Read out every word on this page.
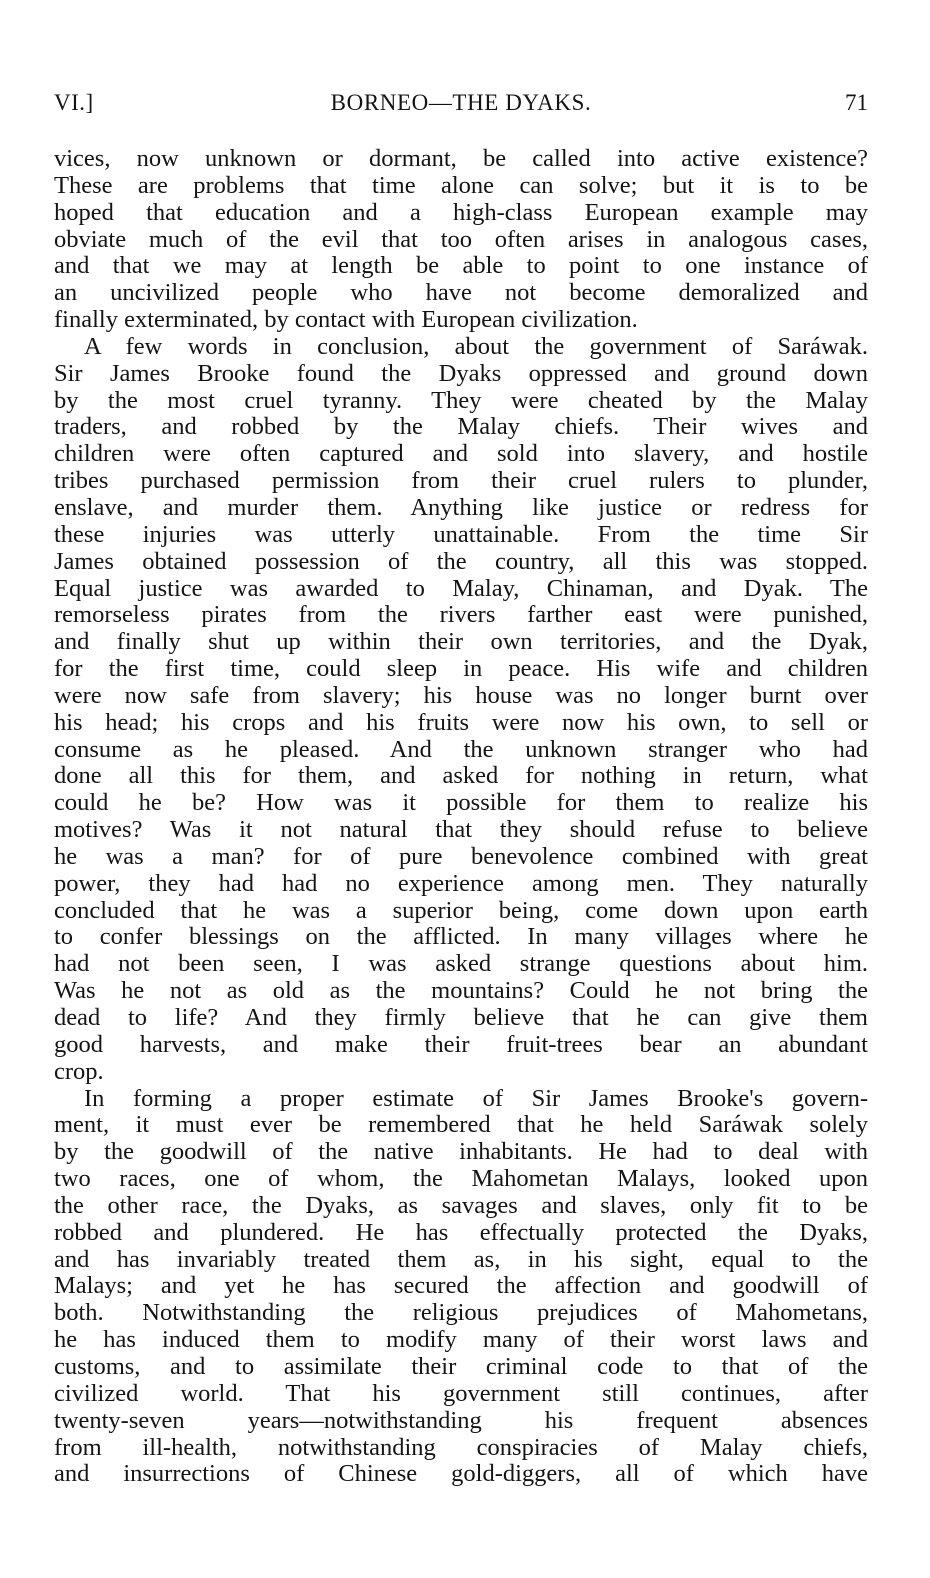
VI.]	BORNEO—THE DYAKS.	71
vices, now unknown or dormant, be called into active existence?
These are problems that time alone can solve; but it is to be
hoped that education and a high-class European example may
obviate much of the evil that too often arises in analogous cases,
and that we may at length be able to point to one instance of
an uncivilized people who have not become demoralized and
finally exterminated, by contact with European civilization.
A few words in conclusion, about the government of Saráwak.
Sir James Brooke found the Dyaks oppressed and ground down
by the most cruel tyranny. They were cheated by the Malay
traders, and robbed by the Malay chiefs. Their wives and
children were often captured and sold into slavery, and hostile
tribes purchased permission from their cruel rulers to plunder,
enslave, and murder them. Anything like justice or redress for
these injuries was utterly unattainable. From the time Sir
James obtained possession of the country, all this was stopped.
Equal justice was awarded to Malay, Chinaman, and Dyak. The
remorseless pirates from the rivers farther east were punished,
and finally shut up within their own territories, and the Dyak,
for the first time, could sleep in peace. His wife and children
were now safe from slavery; his house was no longer burnt over
his head; his crops and his fruits were now his own, to sell or
consume as he pleased. And the unknown stranger who had
done all this for them, and asked for nothing in return, what
could he be? How was it possible for them to realize his
motives? Was it not natural that they should refuse to believe
he was a man? for of pure benevolence combined with great
power, they had had no experience among men. They naturally
concluded that he was a superior being, come down upon earth
to confer blessings on the afflicted. In many villages where he
had not been seen, I was asked strange questions about him.
Was he not as old as the mountains? Could he not bring the
dead to life? And they firmly believe that he can give them
good harvests, and make their fruit-trees bear an abundant
crop.
In forming a proper estimate of Sir James Brooke's govern-
ment, it must ever be remembered that he held Saráwak solely
by the goodwill of the native inhabitants. He had to deal with
two races, one of whom, the Mahometan Malays, looked upon
the other race, the Dyaks, as savages and slaves, only fit to be
robbed and plundered. He has effectually protected the Dyaks,
and has invariably treated them as, in his sight, equal to the
Malays; and yet he has secured the affection and goodwill of
both. Notwithstanding the religious prejudices of Mahometans,
he has induced them to modify many of their worst laws and
customs, and to assimilate their criminal code to that of the
civilized world. That his government still continues, after
twenty-seven years—notwithstanding his frequent absences
from ill-health, notwithstanding conspiracies of Malay chiefs,
and insurrections of Chinese gold-diggers, all of which have
